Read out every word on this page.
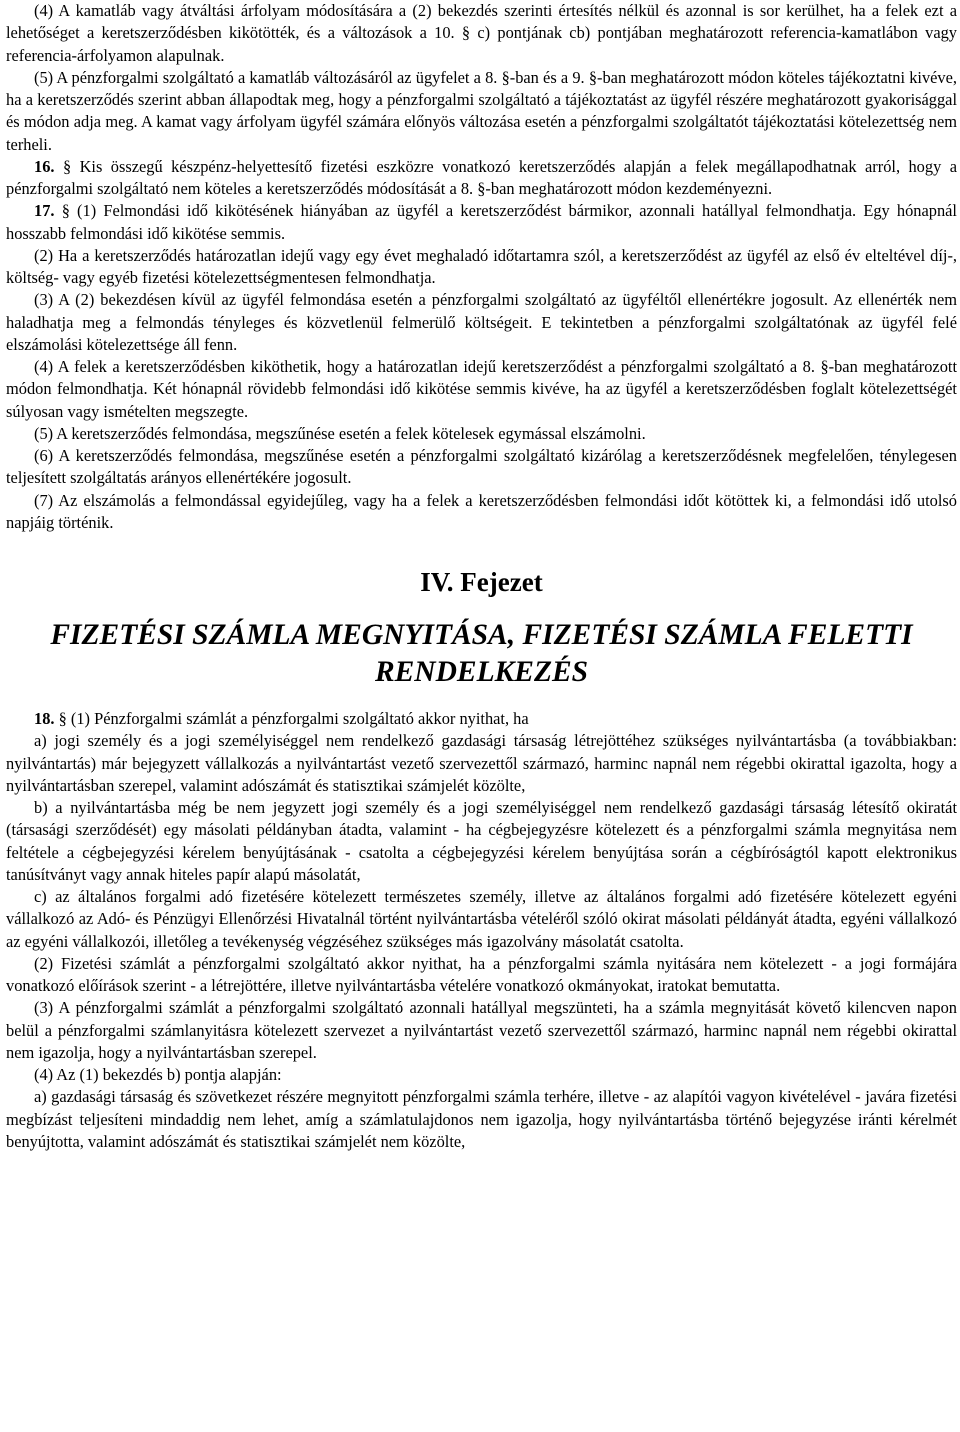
(4) A kamatláb vagy átváltási árfolyam módosítására a (2) bekezdés szerinti értesítés nélkül és azonnal is sor kerülhet, ha a felek ezt a lehetőséget a keretszerződésben kikötötték, és a változások a 10. § c) pontjának cb) pontjában meghatározott referencia-kamatlábon vagy referencia-árfolyamon alapulnak.

(5) A pénzforgalmi szolgáltató a kamatláb változásáról az ügyfelet a 8. §-ban és a 9. §-ban meghatározott módon köteles tájékoztatni kivéve, ha a keretszerződés szerint abban állapodtak meg, hogy a pénzforgalmi szolgáltató a tájékoztatást az ügyfél részére meghatározott gyakorisággal és módon adja meg. A kamat vagy árfolyam ügyfél számára előnyös változása esetén a pénzforgalmi szolgáltatót tájékoztatási kötelezettség nem terheli.

16. § Kis összegű készpénz-helyettesítő fizetési eszközre vonatkozó keretszerződés alapján a felek megállapodhatnak arról, hogy a pénzforgalmi szolgáltató nem köteles a keretszerződés módosítását a 8. §-ban meghatározott módon kezdeményezni.

17. § (1) Felmondási idő kikötésének hiányában az ügyfél a keretszerződést bármikor, azonnali hatállyal felmondhatja. Egy hónapnál hosszabb felmondási idő kikötése semmis.

(2) Ha a keretszerződés határozatlan idejű vagy egy évet meghaladó időtartamra szól, a keretszerződést az ügyfél az első év elteltével díj-, költség- vagy egyéb fizetési kötelezettségmentesen felmondhatja.

(3) A (2) bekezdésen kívül az ügyfél felmondása esetén a pénzforgalmi szolgáltató az ügyféltől ellenértékre jogosult. Az ellenérték nem haladhatja meg a felmondás tényleges és közvetlenül felmerülő költségeit. E tekintetben a pénzforgalmi szolgáltatónak az ügyfél felé elszámolási kötelezettsége áll fenn.

(4) A felek a keretszerződésben kiköthetik, hogy a határozatlan idejű keretszerződést a pénzforgalmi szolgáltató a 8. §-ban meghatározott módon felmondhatja. Két hónapnál rövidebb felmondási idő kikötése semmis kivéve, ha az ügyfél a keretszerződésben foglalt kötelezettségét súlyosan vagy ismételten megszegte.

(5) A keretszerződés felmondása, megszűnése esetén a felek kötelesek egymással elszámolni.

(6) A keretszerződés felmondása, megszűnése esetén a pénzforgalmi szolgáltató kizárólag a keretszerződésnek megfelelően, ténylegesen teljesített szolgáltatás arányos ellenértékére jogosult.

(7) Az elszámolás a felmondással egyidejűleg, vagy ha a felek a keretszerződésben felmondási időt kötöttek ki, a felmondási idő utolsó napjáig történik.

IV. Fejezet
FIZETÉSI SZÁMLA MEGNYITÁSA, FIZETÉSI SZÁMLA FELETTI RENDELKEZÉS

18. § (1) Pénzforgalmi számlát a pénzforgalmi szolgáltató akkor nyithat, ha

a) jogi személy és a jogi személyiséggel nem rendelkező gazdasági társaság létrejöttéhez szükséges nyilvántartásba (a továbbiakban: nyilvántartás) már bejegyzett vállalkozás a nyilvántartást vezető szervezettől származó, harminc napnál nem régebbi okirattal igazolta, hogy a nyilvántartásban szerepel, valamint adószámát és statisztikai számjelét közölte,

b) a nyilvántartásba még be nem jegyzett jogi személy és a jogi személyiséggel nem rendelkező gazdasági társaság létesítő okiratát (társasági szerződését) egy másolati példányban átadta, valamint - ha cégbejegyzésre kötelezett és a pénzforgalmi számla megnyitása nem feltétele a cégbejegyzési kérelem benyújtásának - csatolta a cégbejegyzési kérelem benyújtása során a cégbíróságtól kapott elektronikus tanúsítványt vagy annak hiteles papír alapú másolatát,

c) az általános forgalmi adó fizetésére kötelezett természetes személy, illetve az általános forgalmi adó fizetésére kötelezett egyéni vállalkozó az Adó- és Pénzügyi Ellenőrzési Hivatalnál történt nyilvántartásba vételéről szóló okirat másolati példányát átadta, egyéni vállalkozó az egyéni vállalkozói, illetőleg a tevékenység végzéséhez szükséges más igazolvány másolatát csatolta.

(2) Fizetési számlát a pénzforgalmi szolgáltató akkor nyithat, ha a pénzforgalmi számla nyitására nem kötelezett - a jogi formájára vonatkozó előírások szerint - a létrejöttére, illetve nyilvántartásba vételére vonatkozó okmányokat, iratokat bemutatta.

(3) A pénzforgalmi számlát a pénzforgalmi szolgáltató azonnali hatállyal megszünteti, ha a számla megnyitását követő kilencven napon belül a pénzforgalmi számlanyitásra kötelezett szervezet a nyilvántartást vezető szervezettől származó, harminc napnál nem régebbi okirattal nem igazolja, hogy a nyilvántartásban szerepel.

(4) Az (1) bekezdés b) pontja alapján:

a) gazdasági társaság és szövetkezet részére megnyitott pénzforgalmi számla terhére, illetve - az alapítói vagyon kivételével - javára fizetési megbízást teljesíteni mindaddig nem lehet, amíg a számlatulajdonos nem igazolja, hogy nyilvántartásba történő bejegyzése iránti kérelmét benyújtotta, valamint adószámát és statisztikai számjelét nem közölte,
